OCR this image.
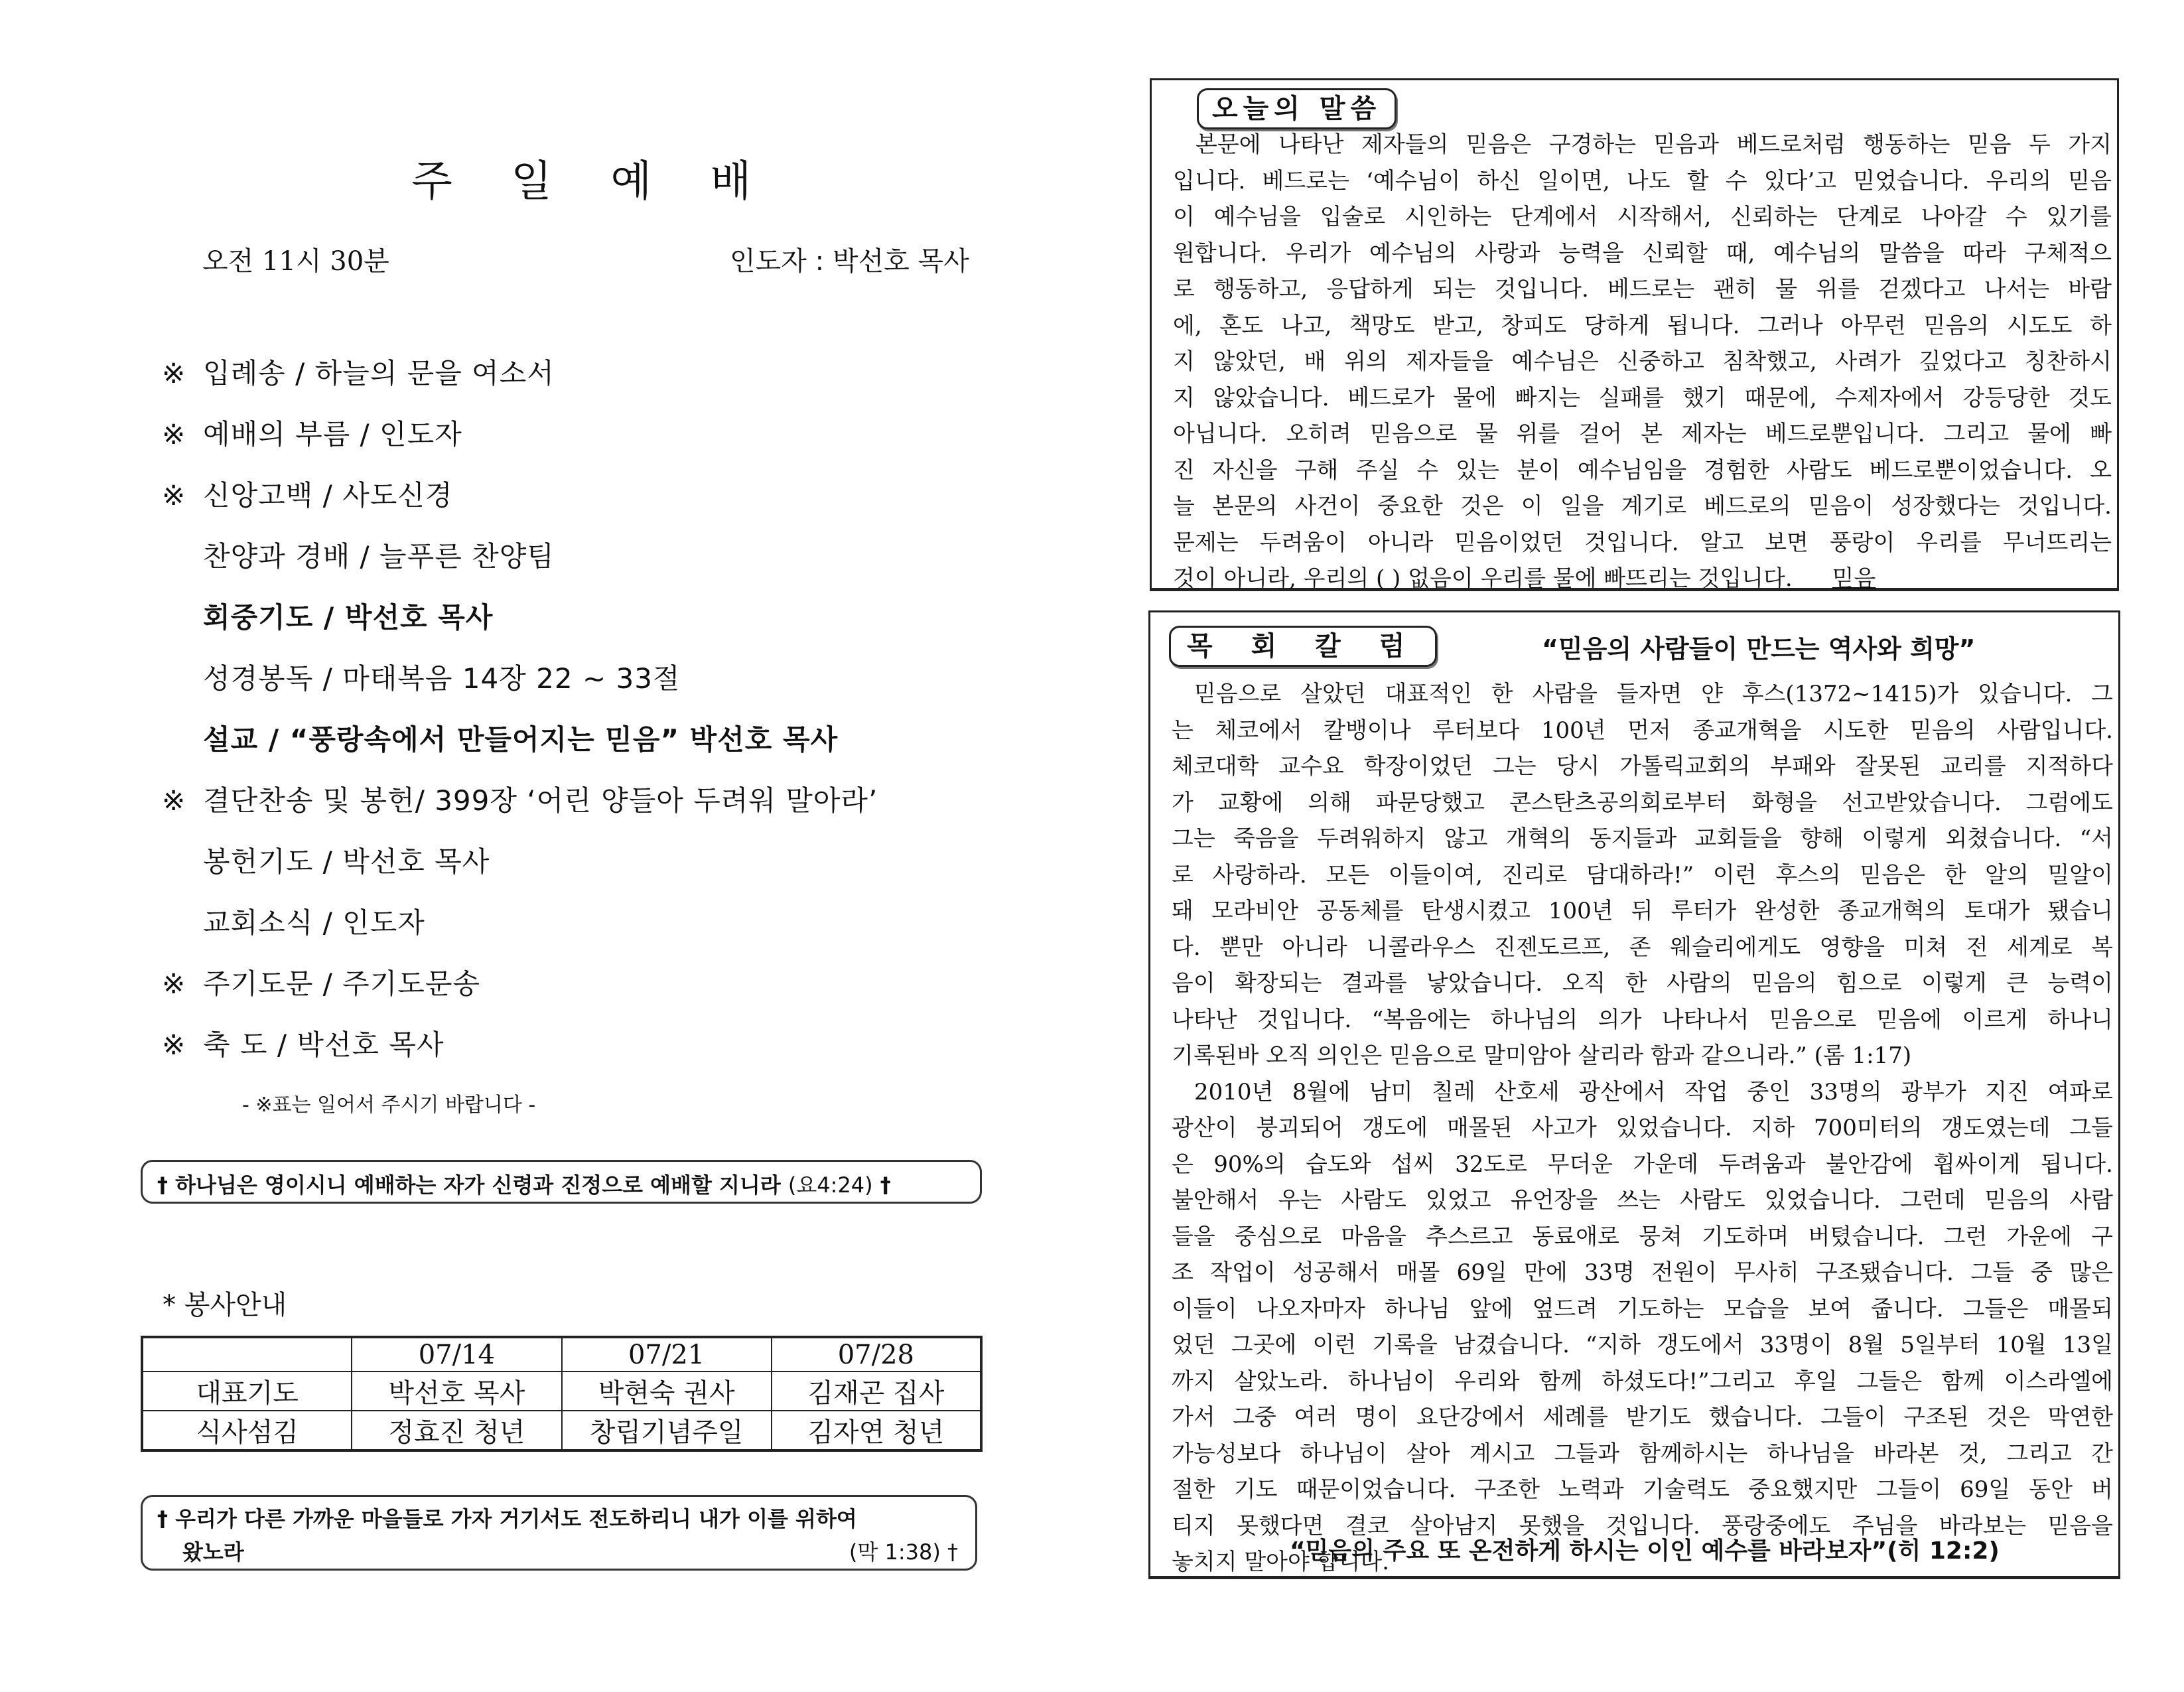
주 일 예 배
오전 11시 30분	인도자 : 박선호 목사
※ 입례송 / 하늘의 문을 여소서
※ 예배의 부름 / 인도자
※ 신앙고백 / 사도신경
찬양과 경배 / 늘푸른 찬양팀
회중기도 / 박선호 목사
성경봉독 / 마태복음 14장 22 ~ 33절
설교 / “풍랑속에서 만들어지는 믿음” 박선호 목사
※ 결단찬송 및 봉헌/ 399장 ‘어린 양들아 두려워 말아라’
봉헌기도 / 박선호 목사
교회소식 / 인도자
※ 주기도문 / 주기도문송
※ 축 도 / 박선호 목사
- ※표는 일어서 주시기 바랍니다 -
† 하나님은 영이시니 예배하는 자가 신령과 진정으로 예배할 지니라 (요4:24) †
* 봉사안내
	07/14	07/21	07/28
대표기도	박선호 목사	박현숙 권사	김재곤 집사
식사섬김	정효진 청년	창립기념주일	김자연 청년
† 우리가 다른 가까운 마을들로 가자 거기서도 전도하리니 내가 이를 위하여
왔노라	(막 1:38) †
오늘의 말씀
본문에 나타난 제자들의 믿음은 구경하는 믿음과 베드로처럼 행동하는 믿음 두 가지
입니다. 베드로는 ‘예수님이 하신 일이면, 나도 할 수 있다’고 믿었습니다. 우리의 믿음
이 예수님을 입술로 시인하는 단계에서 시작해서, 신뢰하는 단계로 나아갈 수 있기를
원합니다. 우리가 예수님의 사랑과 능력을 신뢰할 때, 예수님의 말씀을 따라 구체적으
로 행동하고, 응답하게 되는 것입니다. 베드로는 괜히 물 위를 걷겠다고 나서는 바람
에, 혼도 나고, 책망도 받고, 창피도 당하게 됩니다. 그러나 아무런 믿음의 시도도 하
지 않았던, 배 위의 제자들을 예수님은 신중하고 침착했고, 사려가 깊었다고 칭찬하시
지 않았습니다. 베드로가 물에 빠지는 실패를 했기 때문에, 수제자에서 강등당한 것도
아닙니다. 오히려 믿음으로 물 위를 걸어 본 제자는 베드로뿐입니다. 그리고 물에 빠
진 자신을 구해 주실 수 있는 분이 예수님임을 경험한 사람도 베드로뿐이었습니다. 오
늘 본문의 사건이 중요한 것은 이 일을 계기로 베드로의 믿음이 성장했다는 것입니다.
문제는 두려움이 아니라 믿음이었던 것입니다. 알고 보면 풍랑이 우리를 무너뜨리는
것이 아니라, 우리의 ( ) 없음이 우리를 물에 빠뜨리는 것입니다. 믿음
목 회 칼 럼	“믿음의 사람들이 만드는 역사와 희망”
믿음으로 살았던 대표적인 한 사람을 들자면 얀 후스(1372~1415)가 있습니다. 그
는 체코에서 칼뱅이나 루터보다 100년 먼저 종교개혁을 시도한 믿음의 사람입니다.
체코대학 교수요 학장이었던 그는 당시 가톨릭교회의 부패와 잘못된 교리를 지적하다
가 교황에 의해 파문당했고 콘스탄츠공의회로부터 화형을 선고받았습니다. 그럼에도
그는 죽음을 두려워하지 않고 개혁의 동지들과 교회들을 향해 이렇게 외쳤습니다. “서
로 사랑하라. 모든 이들이여, 진리로 담대하라!” 이런 후스의 믿음은 한 알의 밀알이
돼 모라비안 공동체를 탄생시켰고 100년 뒤 루터가 완성한 종교개혁의 토대가 됐습니
다. 뿐만 아니라 니콜라우스 진젠도르프, 존 웨슬리에게도 영향을 미쳐 전 세계로 복
음이 확장되는 결과를 낳았습니다. 오직 한 사람의 믿음의 힘으로 이렇게 큰 능력이
나타난 것입니다. “복음에는 하나님의 의가 나타나서 믿음으로 믿음에 이르게 하나니
기록된바 오직 의인은 믿음으로 말미암아 살리라 함과 같으니라.” (롬 1:17)
2010년 8월에 남미 칠레 산호세 광산에서 작업 중인 33명의 광부가 지진 여파로
광산이 붕괴되어 갱도에 매몰된 사고가 있었습니다. 지하 700미터의 갱도였는데 그들
은 90%의 습도와 섭씨 32도로 무더운 가운데 두려움과 불안감에 휩싸이게 됩니다.
불안해서 우는 사람도 있었고 유언장을 쓰는 사람도 있었습니다. 그런데 믿음의 사람
들을 중심으로 마음을 추스르고 동료애로 뭉쳐 기도하며 버텼습니다. 그런 가운에 구
조 작업이 성공해서 매몰 69일 만에 33명 전원이 무사히 구조됐습니다. 그들 중 많은
이들이 나오자마자 하나님 앞에 엎드려 기도하는 모습을 보여 줍니다. 그들은 매몰되
었던 그곳에 이런 기록을 남겼습니다. “지하 갱도에서 33명이 8월 5일부터 10월 13일
까지 살았노라. 하나님이 우리와 함께 하셨도다!”그리고 후일 그들은 함께 이스라엘에
가서 그중 여러 명이 요단강에서 세례를 받기도 했습니다. 그들이 구조된 것은 막연한
가능성보다 하나님이 살아 계시고 그들과 함께하시는 하나님을 바라본 것, 그리고 간
절한 기도 때문이었습니다. 구조한 노력과 기술력도 중요했지만 그들이 69일 동안 버
티지 못했다면 결코 살아남지 못했을 것입니다. 풍랑중에도 주님을 바라보는 믿음을
놓치지 말아야 합니다.
“믿음의 주요 또 온전하게 하시는 이인 예수를 바라보자”(히 12:2)
